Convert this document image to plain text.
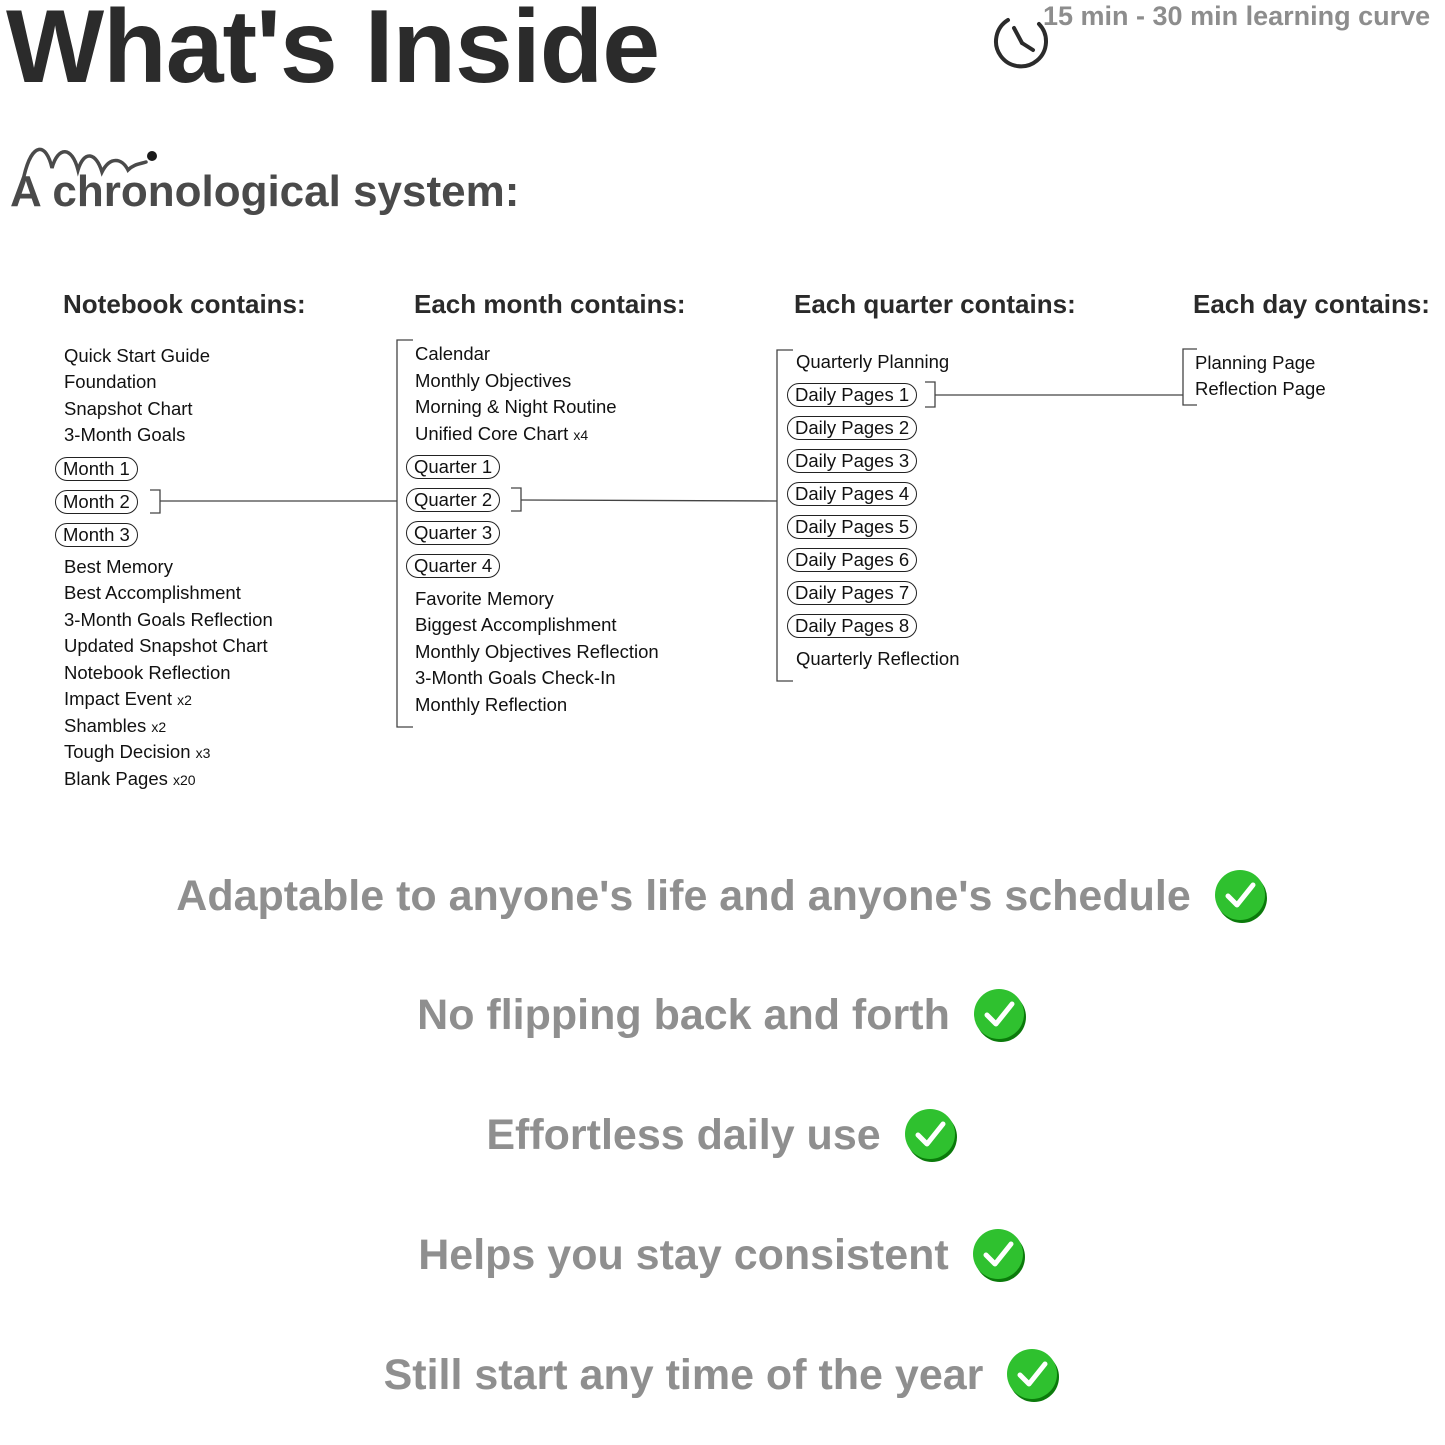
What's Inside	15 min - 30 min learning curve
A chronological system:
Notebook contains:	Each month contains:	Each quarter contains:	Each day contains:
Quick Start Guide
Foundation
Snapshot Chart
3-Month Goals
Month 1
Month 2
Month 3
Best Memory
Best Accomplishment
3-Month Goals Reflection
Updated Snapshot Chart
Notebook Reflection
Impact Event x2
Shambles x2
Tough Decision x3
Blank Pages x20
Calendar
Monthly Objectives
Morning & Night Routine
Unified Core Chart x4
Quarter 1
Quarter 2
Quarter 3
Quarter 4
Favorite Memory
Biggest Accomplishment
Monthly Objectives Reflection
3-Month Goals Check-In
Monthly Reflection
Quarterly Planning
Daily Pages 1
Daily Pages 2
Daily Pages 3
Daily Pages 4
Daily Pages 5
Daily Pages 6
Daily Pages 7
Daily Pages 8
Quarterly Reflection
Planning Page
Reflection Page
Adaptable to anyone's life and anyone's schedule
No flipping back and forth
Effortless daily use
Helps you stay consistent
Still start any time of the year
